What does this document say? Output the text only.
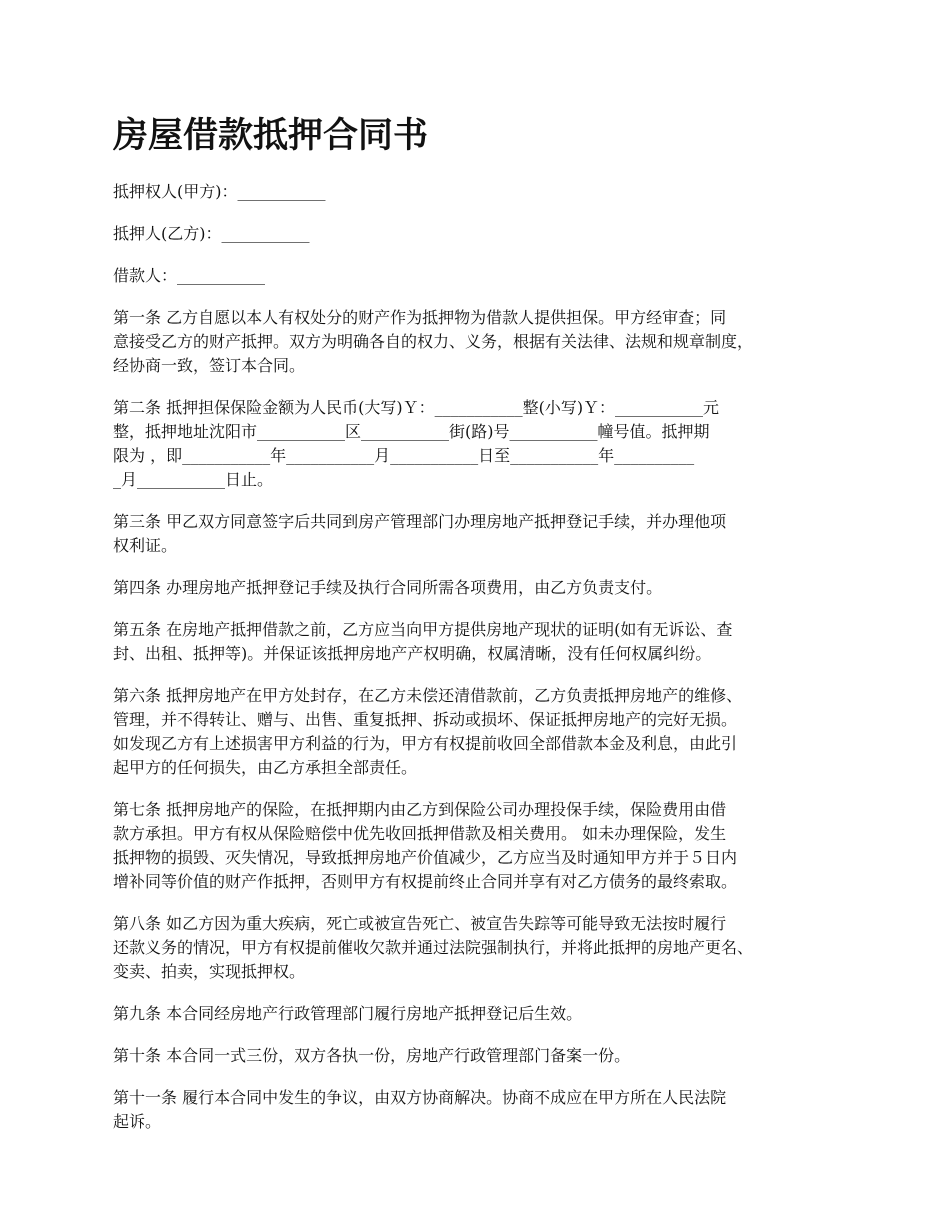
房屋借款抵押合同书
抵押权人(甲方)：___________
抵押人(乙方)：___________
借款人：___________

第一条 乙方自愿以本人有权处分的财产作为抵押物为借款人提供担保。甲方经审查；同
意接受乙方的财产抵押。双方为明确各自的权力、义务，根据有关法律、法规和规章制度，
经协商一致，签订本合同。

第二条 抵押担保保险金额为人民币(大写)Ｙ：___________整(小写)Ｙ：___________元
整，抵押地址沈阳市___________区___________街(路)号___________幢号值。抵押期
限为 ，即___________年___________月___________日至___________年__________
_月___________日止。

第三条 甲乙双方同意签字后共同到房产管理部门办理房地产抵押登记手续，并办理他项
权利证。

第四条 办理房地产抵押登记手续及执行合同所需各项费用，由乙方负责支付。

第五条 在房地产抵押借款之前，乙方应当向甲方提供房地产现状的证明(如有无诉讼、查
封、出租、抵押等)。并保证该抵押房地产产权明确，权属清晰，没有任何权属纠纷。

第六条 抵押房地产在甲方处封存，在乙方未偿还清借款前，乙方负责抵押房地产的维修、
管理，并不得转让、赠与、出售、重复抵押、拆动或损坏、保证抵押房地产的完好无损。
如发现乙方有上述损害甲方利益的行为，甲方有权提前收回全部借款本金及利息，由此引
起甲方的任何损失，由乙方承担全部责任。

第七条 抵押房地产的保险，在抵押期内由乙方到保险公司办理投保手续，保险费用由借
款方承担。甲方有权从保险赔偿中优先收回抵押借款及相关费用。 如未办理保险，发生
抵押物的损毁、灭失情况，导致抵押房地产价值减少，乙方应当及时通知甲方并于５日内
增补同等价值的财产作抵押，否则甲方有权提前终止合同并享有对乙方债务的最终索取。

第八条 如乙方因为重大疾病，死亡或被宣告死亡、被宣告失踪等可能导致无法按时履行
还款义务的情况，甲方有权提前催收欠款并通过法院强制执行，并将此抵押的房地产更名、
变卖、拍卖，实现抵押权。

第九条 本合同经房地产行政管理部门履行房地产抵押登记后生效。

第十条 本合同一式三份，双方各执一份，房地产行政管理部门备案一份。

第十一条 履行本合同中发生的争议，由双方协商解决。协商不成应在甲方所在人民法院
起诉。
